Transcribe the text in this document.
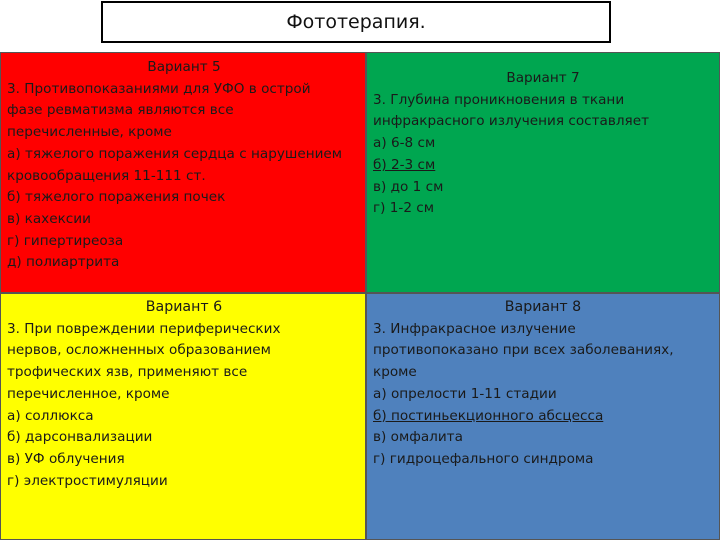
Фототерапия.
Вариант 5
3. Противопоказаниями для УФО в острой
фазе ревматизма являются все
перечисленные, кроме
а) тяжелого поражения сердца с нарушением
кровообращения 11-111 ст.
б) тяжелого поражения почек
в) кахексии
г) гипертиреоза
д) полиартрита
Вариант 7
3. Глубина проникновения в ткани
инфракрасного излучения составляет
а) 6-8 см
б) 2-3 см
в) до 1 см
г) 1-2 см
Вариант 6
3. При повреждении периферических
нервов, осложненных образованием
трофических язв, применяют все
перечисленное, кроме
а) соллюкса
б) дарсонвализации
в) УФ облучения
г) электростимуляции
Вариант 8
3. Инфракрасное излучение
противопоказано при всех заболеваниях,
кроме
а) опрелости 1-11 стадии
б) постиньекционного абсцесса
в) омфалита
г) гидроцефального синдрома
